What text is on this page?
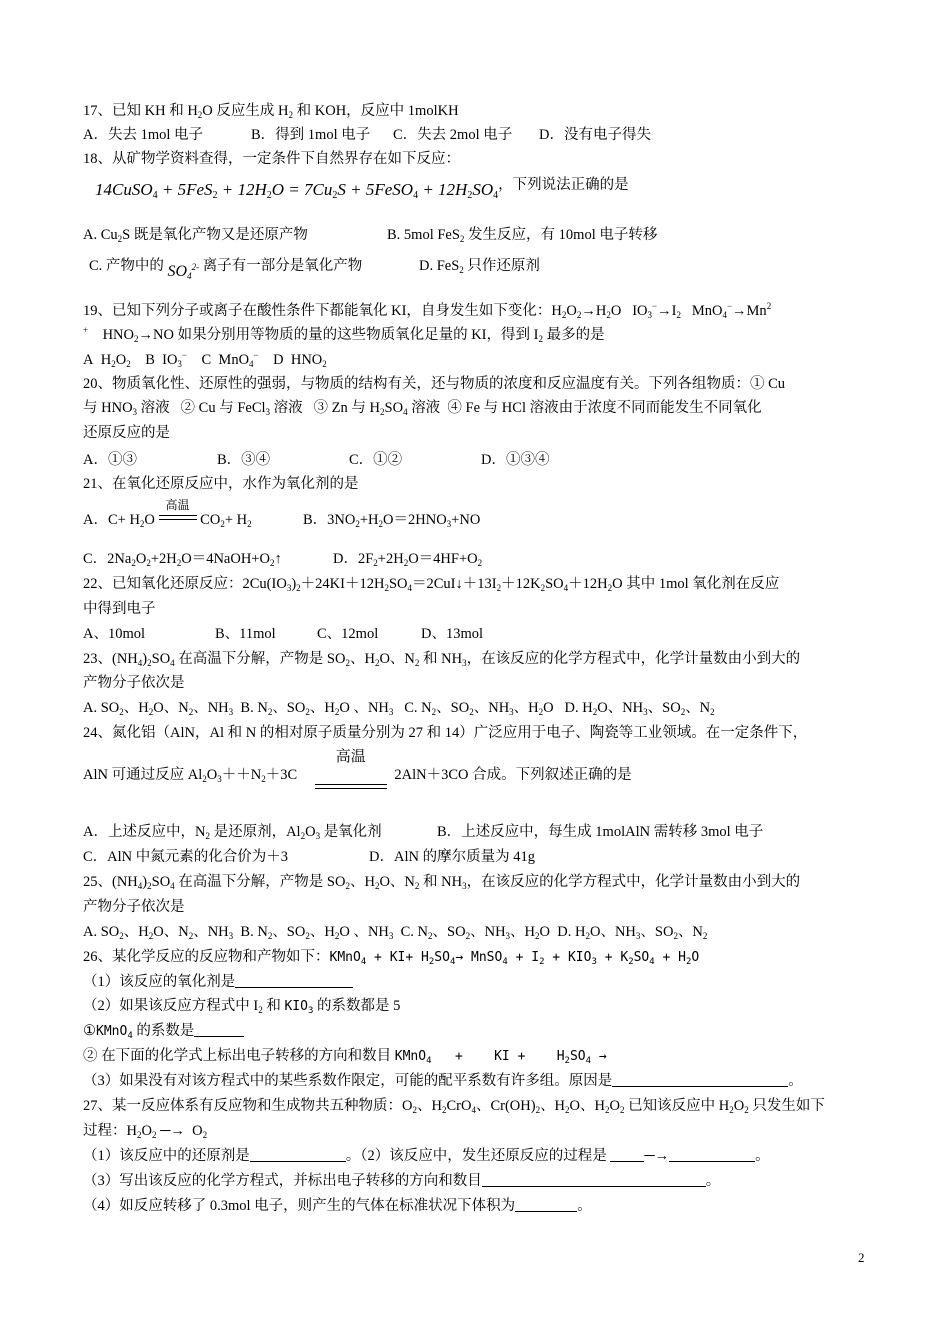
17、已知 KH 和 $H_2O$ 反应生成 $H_2$ 和 KOH，反应中 1molKH
A．失去 1mol 电子	B．得到 1mol 电子 C．失去 2mol 电子 D．没有电子得失
18、从矿物学资料查得，一定条件下自然界存在如下反应：
14CuSO$_4$ + $5FeS_2 + 12H_2O = 7Cu_2S$ + 5FeSO$_4$ + $12H_2SO_4$，下列说法正确的是
A. $Cu_2S$ 既是氧化产物又是还原产物	B. 5mol FeS$_2$ 发生反应，有 10mol 电子转移
C. 产物中的 $SO_4^{2-}$ 离子有一部分是氧化产物	D. FeS$_2$ 只作还原剂
19、已知下列分子或离子在酸性条件下都能氧化 KI，自身发生如下变化：$H_2O_2\to H_2O$   $IO_3^-\to I_2$   $MnO_4^-\to Mn^2$
+    $HNO_2\to NO$ 如果分别用等物质的量的这些物质氧化足量的 KI，得到 $I_2$ 最多的是
A  $H_2O_2$ B  $IO_3^-$ C  MnO$_4$− D  $HNO_2$
20、物质氧化性、还原性的强弱，与物质的结构有关，还与物质的浓度和反应温度有关。下列各组物质：① Cu
与 $HNO_3$ 溶液   ② Cu 与 FeCl$_3$ 溶液   ③ Zn 与 $H_2SO_4$ 溶液  ④ Fe 与 HCl 溶液由于浓度不同而能发生不同氧化
还原反应的是
A．①③	B．③④	C．①②	D．①③④
21、在氧化还原反应中，水作为氧化剂的是
A．$C+ H_2O$
高温
$CO_2+ H_2$	B．$3NO_2+H_2O=2HNO_3+NO$
C．$2Na_2O_2+2H_2O=4NaOH+O_2↑$	D．$2F_2+2H_2O=4HF+O_2$
22、已知氧化还原反应：$2Cu(IO_3)_2+24KI+12H_2SO_4=2CuI↓+13I_2+12K_2SO_4+12H_2O$ 其中 1mol 氧化剂在反应
中得到电子
A、10mol	B、11mol	C、12mol	D、13mol
23、$(NH_4)_2SO_4$ 在高温下分解，产物是 $SO_2$、$H_2O$、$N_2$ 和 $NH_3$，在该反应的化学方程式中，化学计量数由小到大的
产物分子依次是
A. $SO_2$、$H_2O$、$N_2$、$NH_3$ B. $N_2$、$SO_2$、$H_2O$ 、$NH_3$ C. $N_2$、$SO_2$、$NH_3$、$H_2O$ D. $H_2O$、$NH_3$、$SO_2$、$N_2$
24、氮化铝（AlN，Al 和 N 的相对原子质量分别为 27 和 14）广泛应用于电子、陶瓷等工业领域。在一定条件下，
AlN 可通过反应 $Al_2O_3++N_2+3C$
高温
2AlN＋3CO 合成。下列叙述正确的是
A．上述反应中，$N_2$ 是还原剂，$Al_2O_3$ 是氧化剂	B．上述反应中，每生成 1molAlN 需转移 3mol 电子
C．AlN 中氮元素的化合价为＋3	D．AlN 的摩尔质量为 41g
25、$(NH_4)_2SO_4$ 在高温下分解，产物是 $SO_2$、$H_2O$、$N_2$ 和 $NH_3$，在该反应的化学方程式中，化学计量数由小到大的
产物分子依次是
A. $SO_2$、$H_2O$、$N_2$、$NH_3$ B. $N_2$、$SO_2$、$H_2O$ 、$NH_3$ C. $N_2$、$SO_2$、$NH_3$、$H_2O$ D. $H_2O$、$NH_3$、$SO_2$、$N_2$
26、某化学反应的反应物和产物如下：KMnO$_4$ + $KI+ H_2SO_4\to$ MnSO$_4$ + $I_2 + KIO_3 + K_2SO_4 + H_2O$
（1）该反应的氧化剂是
（2）如果该反应方程式中 $I_2$ 和 $KIO_3$ 的系数都是 5
①KMnO$_4$ 的系数是
② 在下面的化学式上标出电子转移的方向和数目 KMnO$_4$   +    KI +    $H_2SO_4$ →
（3）如果没有对该方程式中的某些系数作限定，可能的配平系数有许多组。原因是	。
27、某一反应体系有反应物和生成物共五种物质：$O_2$、$H_2CrO_4$、$Cr(OH)_2$、$H_2O$、$H_2O_2$ 已知该反应中 $H_2O_2$ 只发生如下
过程：$H_2O_2$ ─→  $O_2$
（1）该反应中的还原剂是	。（2）该反应中，发生还原反应的过程是	─→	。
（3）写出该反应的化学方程式，并标出电子转移的方向和数目	。
（4）如反应转移了 0.3mol 电子，则产生的气体在标准状况下体积为	。
2
